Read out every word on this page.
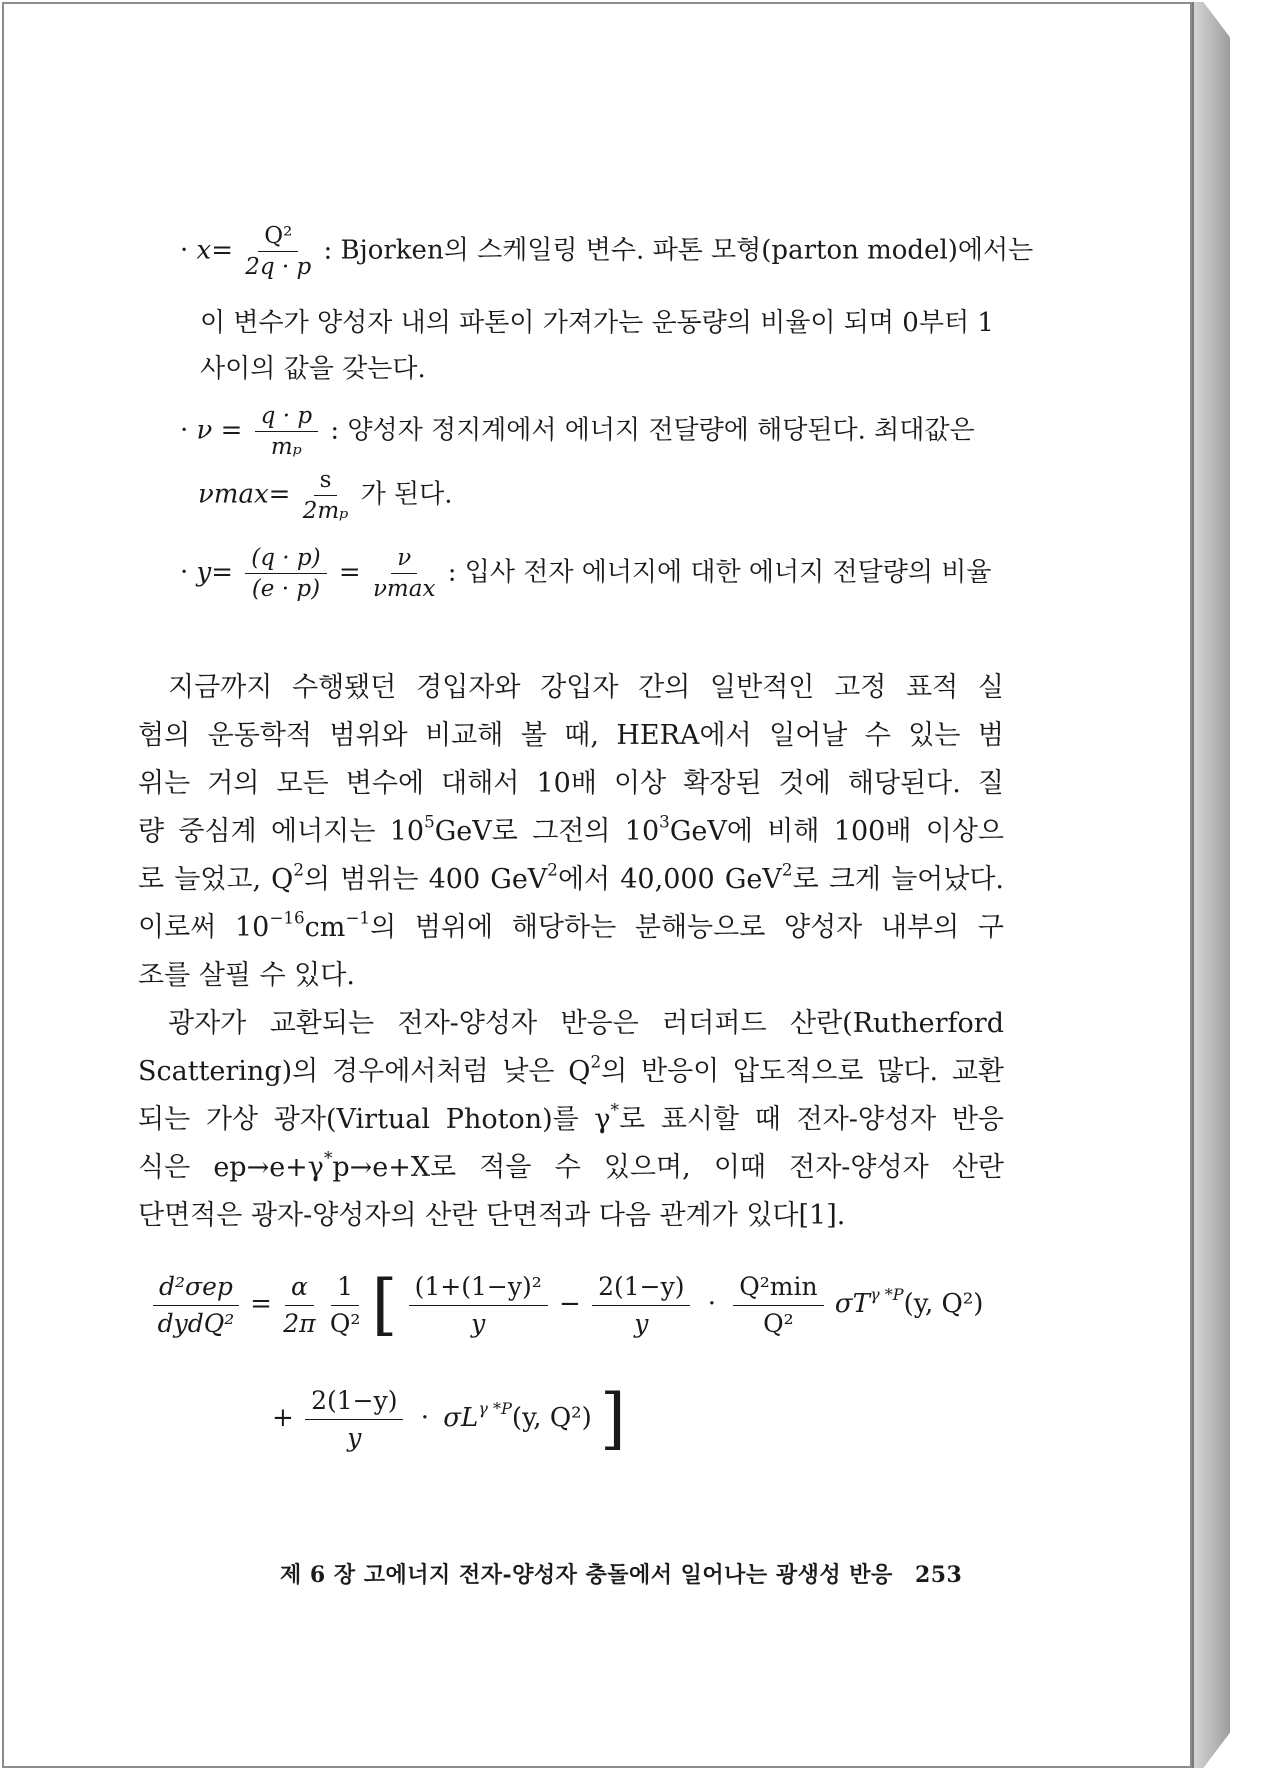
· $x= \frac{\text{Q²}}{2q \cdot p}$ : Bjorken의 스케일링 변수. 파톤 모형(parton model)에서는
이 변수가 양성자 내의 파톤이 가져가는 운동량의 비율이 되며 0부터 1
사이의 값을 갖는다.
· $\nu = \frac{q \cdot p}{\text{mₚ}}$ : 양성자 정지계에서 에너지 전달량에 해당된다. 최대값은
$\nu\max= \frac{s}{\text{2mₚ}}$ 가 된다.
· $y= \frac{(q \cdot p)}{(e \cdot p)} = \frac{\nu}{\nu\max}$ : 입사 전자 에너지에 대한 에너지 전달량의 비율
지금까지 수행됐던 경입자와 강입자 간의 일반적인 고정 표적 실
험의 운동학적 범위와 비교해 볼 때, HERA에서 일어날 수 있는 범
위는 거의 모든 변수에 대해서 10배 이상 확장된 것에 해당된다. 질
량 중심계 에너지는 $10^5GeV$로 그전의 $10^3GeV$에 비해 100배 이상으
로 늘었고, $Q^2$의 범위는 400 GeV$^2$에서 40,000 GeV$^2$로 크게 늘어났다.
이로써 $10^{-16}cm^{-1}$의 범위에 해당하는 분해능으로 양성자 내부의 구
조를 살필 수 있다.
광자가 교환되는 전자-양성자 반응은 러더퍼드 산란(Rutherford
Scattering)의 경우에서처럼 낮은 $Q^2$의 반응이 압도적으로 많다. 교환
되는 가상 광자(Virtual Photon)를 γ*로 표시할 때 전자-양성자 반응
식은 ep→e+γ*p→e+X로 적을 수 있으며, 이때 전자-양성자 산란
단면적은 광자-양성자의 산란 단면적과 다음 관계가 있다[1].
$\frac{\text{d²σep}}{\text{dydQ²}} = \frac{\alpha}{2\pi}$
$\frac{1}{\text{Q²}}$ [ $\frac{\text{(1+(1−y)²}}{y} - \frac{2(1-y)}{y} \cdot \frac{\text{Q²min}}{\text{Q²}} \sigma T^{\gamma *P}(y$, Q²)
+ $\frac{2(1-y)}{y} \cdot \sigma L^{\gamma *P}(y$, Q²) ]
제 6 장 고에너지 전자-양성자 충돌에서 일어나는 광생성 반응 253
